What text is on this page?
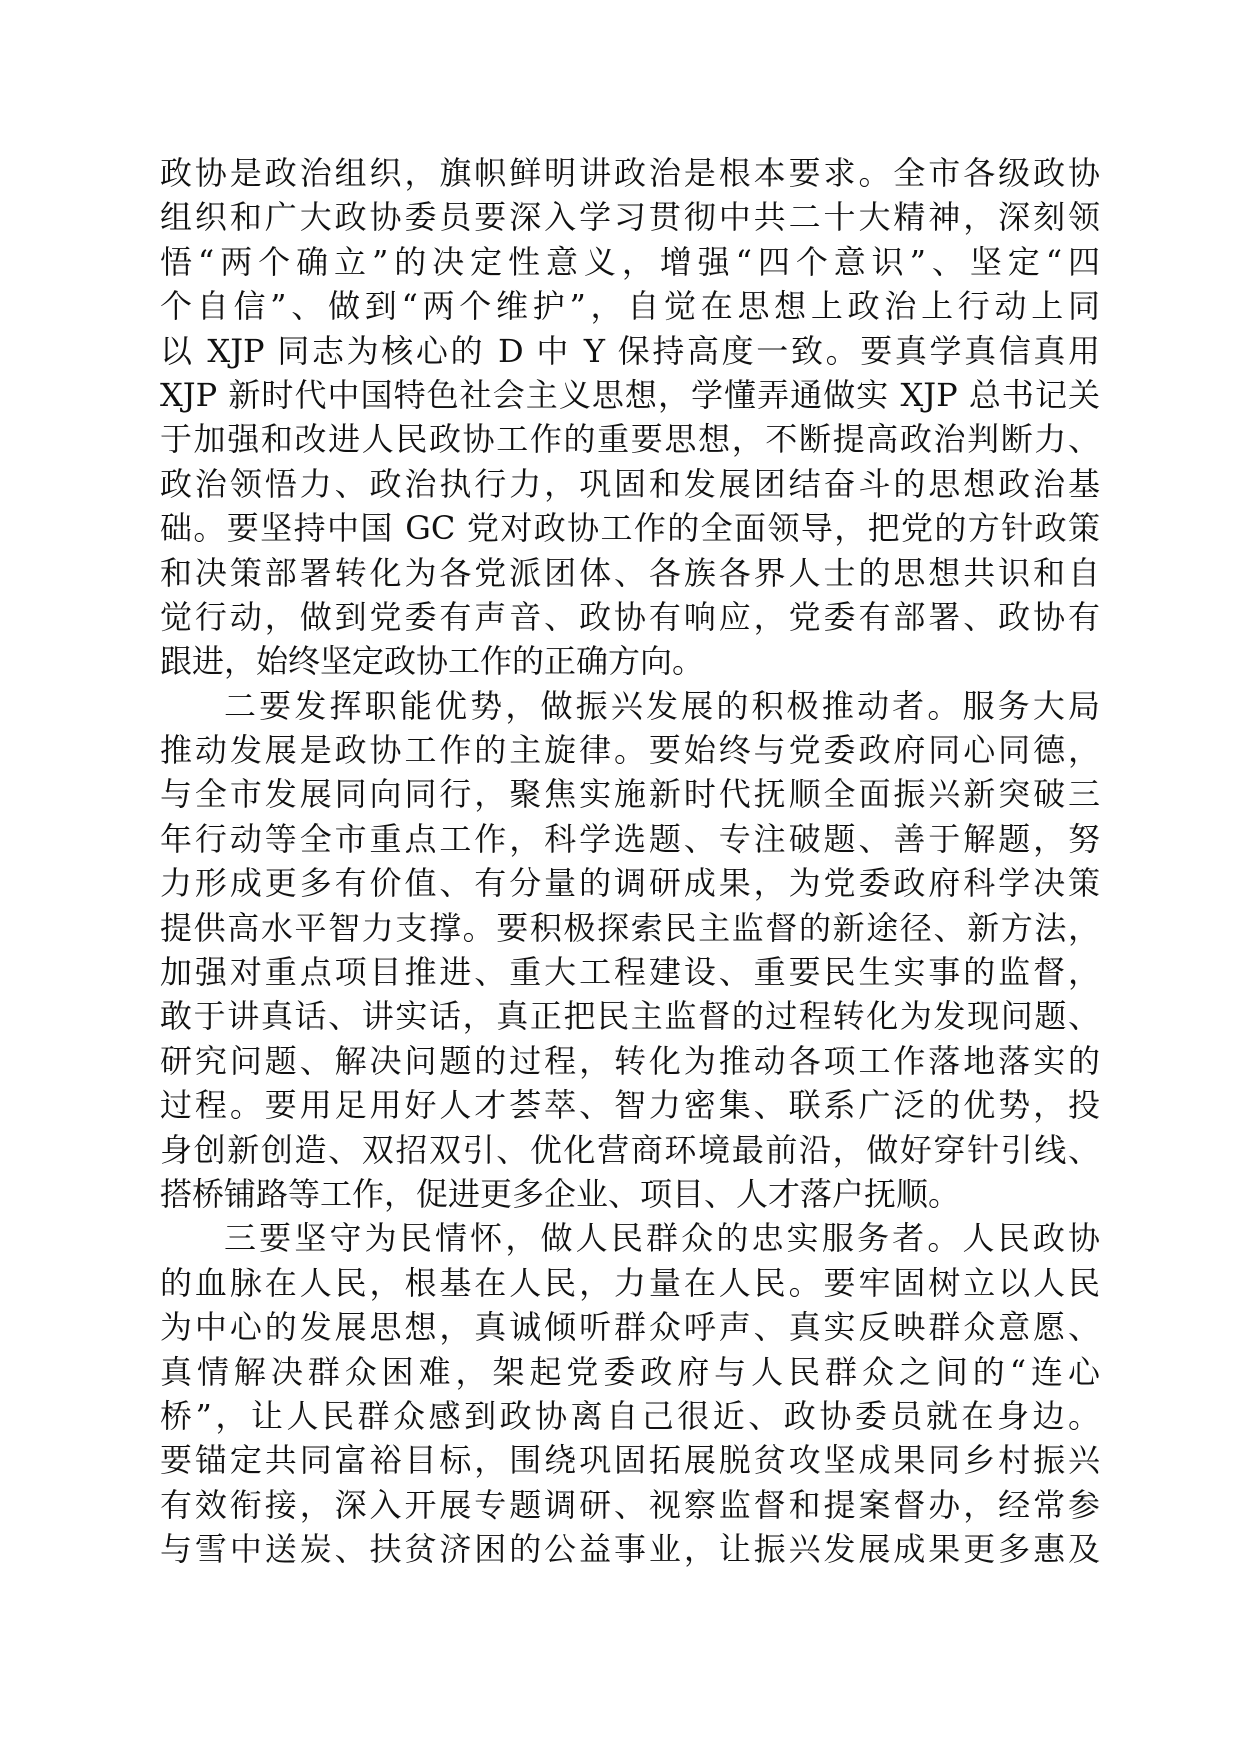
政协是政治组织，旗帜鲜明讲政治是根本要求。全市各级政协
组织和广大政协委员要深入学习贯彻中共二十大精神，深刻领
悟“两个确立”的决定性意义，增强“四个意识”、坚定“四
个自信”、做到“两个维护”，自觉在思想上政治上行动上同
以 XJP 同志为核心的 D 中 Y 保持高度一致。要真学真信真用
XJP 新时代中国特色社会主义思想，学懂弄通做实 XJP 总书记关
于加强和改进人民政协工作的重要思想，不断提高政治判断力、
政治领悟力、政治执行力，巩固和发展团结奋斗的思想政治基
础。要坚持中国 GC 党对政协工作的全面领导，把党的方针政策
和决策部署转化为各党派团体、各族各界人士的思想共识和自
觉行动，做到党委有声音、政协有响应，党委有部署、政协有
跟进，始终坚定政协工作的正确方向。
二要发挥职能优势，做振兴发展的积极推动者。服务大局
推动发展是政协工作的主旋律。要始终与党委政府同心同德，
与全市发展同向同行，聚焦实施新时代抚顺全面振兴新突破三
年行动等全市重点工作，科学选题、专注破题、善于解题，努
力形成更多有价值、有分量的调研成果，为党委政府科学决策
提供高水平智力支撑。要积极探索民主监督的新途径、新方法，
加强对重点项目推进、重大工程建设、重要民生实事的监督，
敢于讲真话、讲实话，真正把民主监督的过程转化为发现问题、
研究问题、解决问题的过程，转化为推动各项工作落地落实的
过程。要用足用好人才荟萃、智力密集、联系广泛的优势，投
身创新创造、双招双引、优化营商环境最前沿，做好穿针引线、
搭桥铺路等工作，促进更多企业、项目、人才落户抚顺。
三要坚守为民情怀，做人民群众的忠实服务者。人民政协
的血脉在人民，根基在人民，力量在人民。要牢固树立以人民
为中心的发展思想，真诚倾听群众呼声、真实反映群众意愿、
真情解决群众困难，架起党委政府与人民群众之间的“连心
桥”，让人民群众感到政协离自己很近、政协委员就在身边。
要锚定共同富裕目标，围绕巩固拓展脱贫攻坚成果同乡村振兴
有效衔接，深入开展专题调研、视察监督和提案督办，经常参
与雪中送炭、扶贫济困的公益事业，让振兴发展成果更多惠及
